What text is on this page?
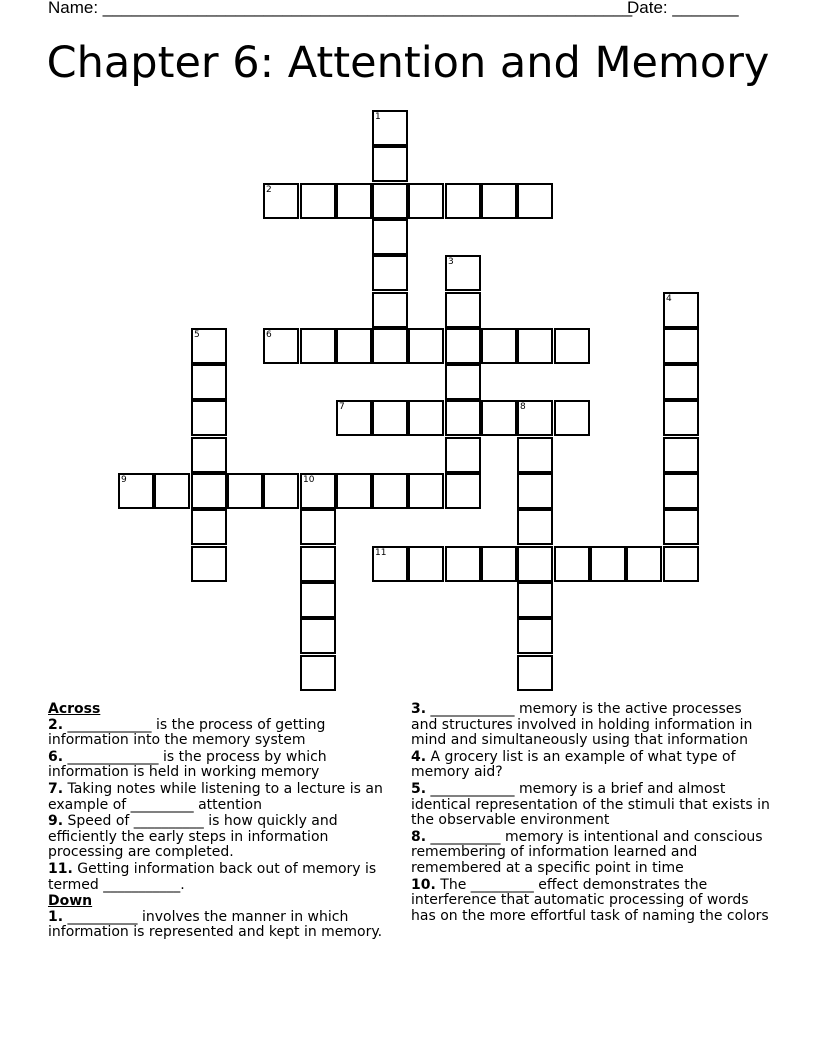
Name: ________________________________________________________
Date: _______
Chapter 6: Attention and Memory
1
2
3
4
5	6
7	8
9	10
11
Across
2. ____________ is the process of getting information into the memory system
6. _____________ is the process by which information is held in working memory
7. Taking notes while listening to a lecture is an example of _________ attention
9. Speed of __________ is how quickly and efficiently the early steps in information processing are completed.
11. Getting information back out of memory is termed ___________.
Down
1. __________ involves the manner in which information is represented and kept in memory.
3. ____________ memory is the active processes and structures involved in holding information in mind and simultaneously using that information
4. A grocery list is an example of what type of memory aid?
5. ____________ memory is a brief and almost identical representation of the stimuli that exists in the observable environment
8. __________ memory is intentional and conscious remembering of information learned and remembered at a specific point in time
10. The _________ effect demonstrates the interference that automatic processing of words has on the more effortful task of naming the colors
